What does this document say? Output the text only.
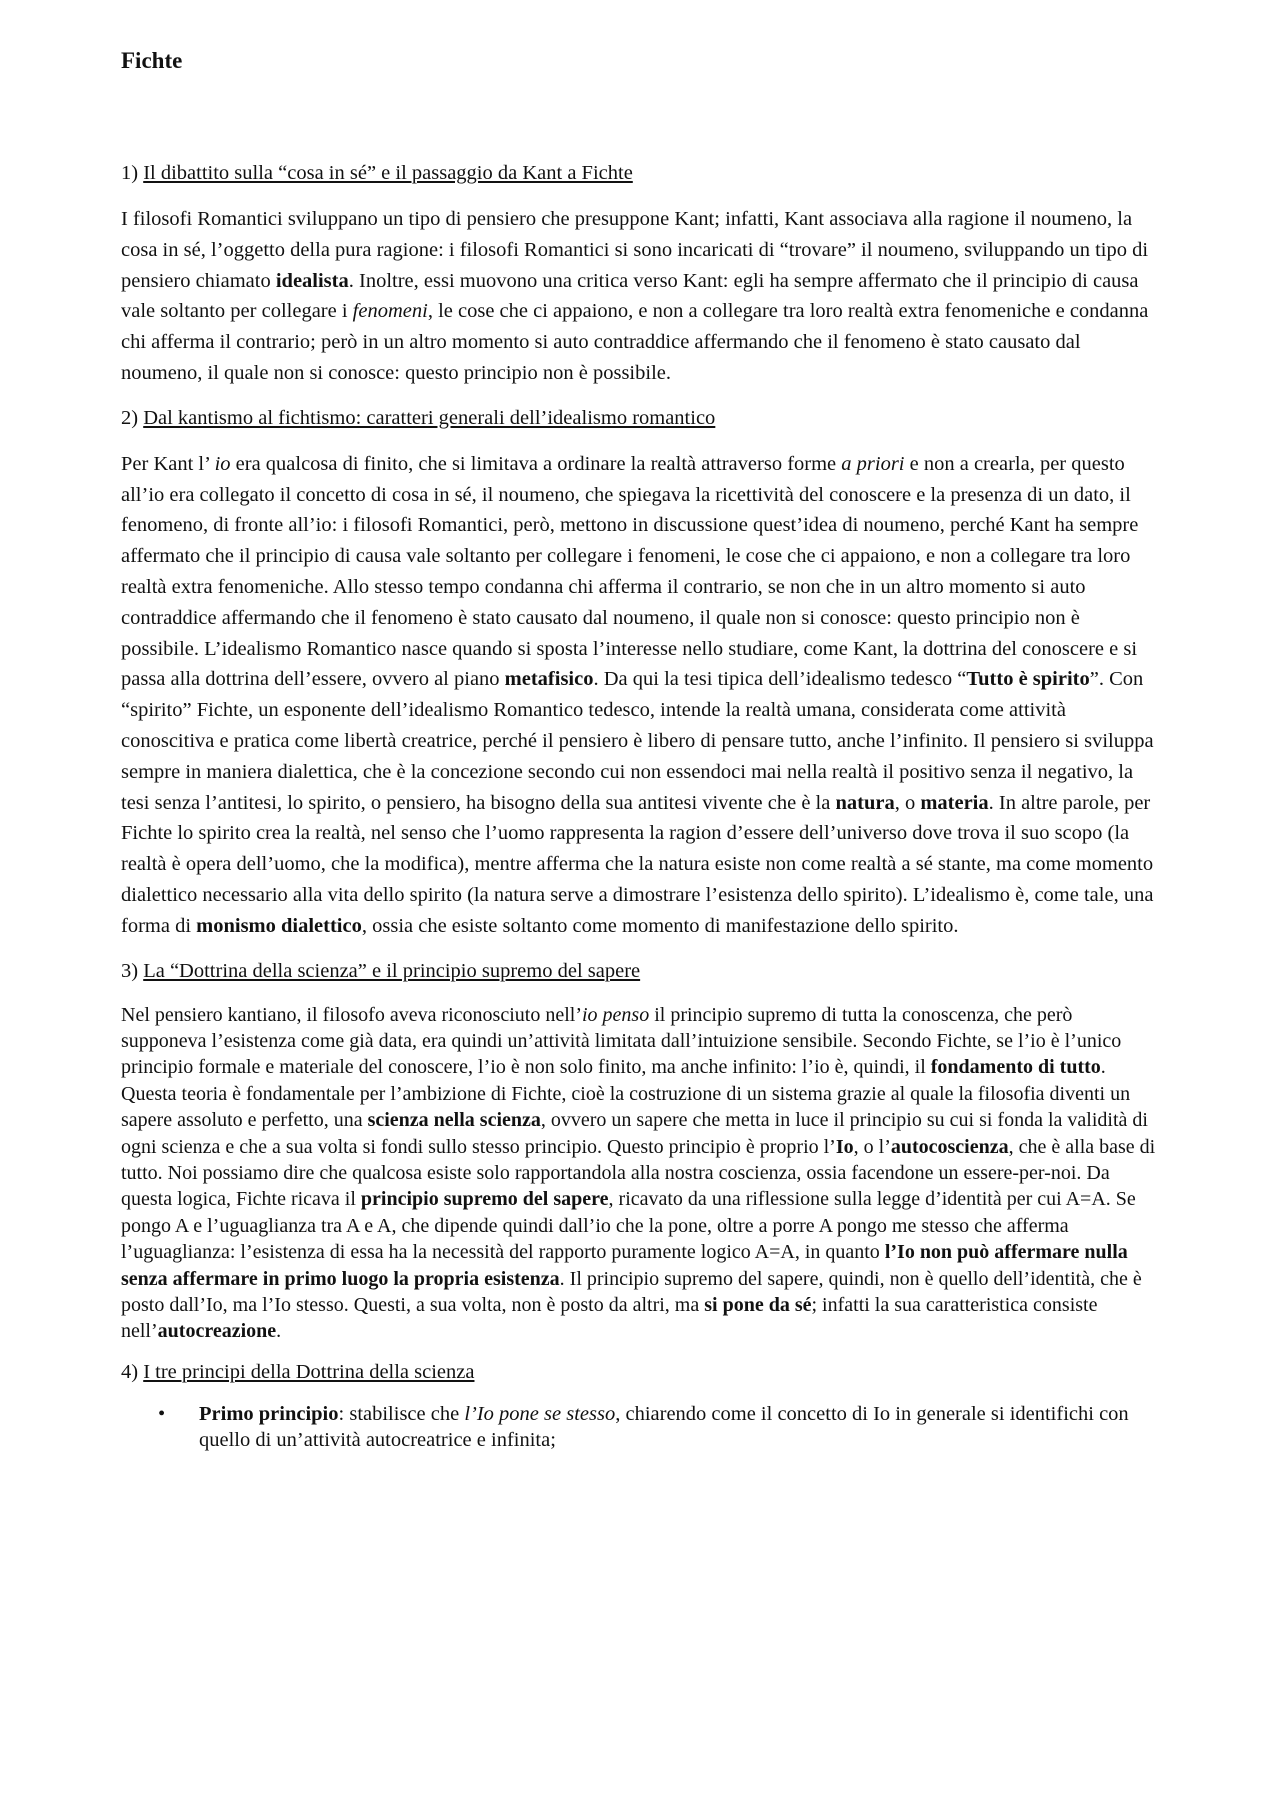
Fichte
1) Il dibattito sulla “cosa in sé” e il passaggio da Kant a Fichte

I filosofi Romantici sviluppano un tipo di pensiero che presuppone Kant; infatti, Kant associava alla ragione il noumeno, la cosa in sé, l’oggetto della pura ragione: i filosofi Romantici si sono incaricati di “trovare” il noumeno, sviluppando un tipo di pensiero chiamato idealista. Inoltre, essi muovono una critica verso Kant: egli ha sempre affermato che il principio di causa vale soltanto per collegare i fenomeni, le cose che ci appaiono, e non a collegare tra loro realtà extra fenomeniche e condanna chi afferma il contrario; però in un altro momento si auto contraddice affermando che il fenomeno è stato causato dal noumeno, il quale non si conosce: questo principio non è possibile.

2) Dal kantismo al fichtismo: caratteri generali dell’idealismo romantico

Per Kant l’ io era qualcosa di finito, che si limitava a ordinare la realtà attraverso forme a priori e non a crearla, per questo all’io era collegato il concetto di cosa in sé, il noumeno, che spiegava la ricettività del conoscere e la presenza di un dato, il fenomeno, di fronte all’io: i filosofi Romantici, però, mettono in discussione quest’idea di noumeno, perché Kant ha sempre affermato che il principio di causa vale soltanto per collegare i fenomeni, le cose che ci appaiono, e non a collegare tra loro realtà extra fenomeniche. Allo stesso tempo condanna chi afferma il contrario, se non che in un altro momento si auto contraddice affermando che il fenomeno è stato causato dal noumeno, il quale non si conosce: questo principio non è possibile. L’idealismo Romantico nasce quando si sposta l’interesse nello studiare, come Kant, la dottrina del conoscere e si passa alla dottrina dell’essere, ovvero al piano metafisico. Da qui la tesi tipica dell’idealismo tedesco “Tutto è spirito”. Con “spirito” Fichte, un esponente dell’idealismo Romantico tedesco, intende la realtà umana, considerata come attività conoscitiva e pratica come libertà creatrice, perché il pensiero è libero di pensare tutto, anche l’infinito. Il pensiero si sviluppa sempre in maniera dialettica, che è la concezione secondo cui non essendoci mai nella realtà il positivo senza il negativo, la tesi senza l’antitesi, lo spirito, o pensiero, ha bisogno della sua antitesi vivente che è la natura, o materia. In altre parole, per Fichte lo spirito crea la realtà, nel senso che l’uomo rappresenta la ragion d’essere dell’universo dove trova il suo scopo (la realtà è opera dell’uomo, che la modifica), mentre afferma che la natura esiste non come realtà a sé stante, ma come momento dialettico necessario alla vita dello spirito (la natura serve a dimostrare l’esistenza dello spirito). L’idealismo è, come tale, una forma di monismo dialettico, ossia che esiste soltanto come momento di manifestazione dello spirito.

3) La “Dottrina della scienza” e il principio supremo del sapere

Nel pensiero kantiano, il filosofo aveva riconosciuto nell’io penso il principio supremo di tutta la conoscenza, che però supponeva l’esistenza come già data, era quindi un’attività limitata dall’intuizione sensibile. Secondo Fichte, se l’io è l’unico principio formale e materiale del conoscere, l’io è non solo finito, ma anche infinito: l’io è, quindi, il fondamento di tutto. Questa teoria è fondamentale per l’ambizione di Fichte, cioè la costruzione di un sistema grazie al quale la filosofia diventi un sapere assoluto e perfetto, una scienza nella scienza, ovvero un sapere che metta in luce il principio su cui si fonda la validità di ogni scienza e che a sua volta si fondi sullo stesso principio. Questo principio è proprio l’Io, o l’autocoscienza, che è alla base di tutto. Noi possiamo dire che qualcosa esiste solo rapportandola alla nostra coscienza, ossia facendone un essere-per-noi. Da questa logica, Fichte ricava il principio supremo del sapere, ricavato da una riflessione sulla legge d’identità per cui A=A. Se pongo A e l’uguaglianza tra A e A, che dipende quindi dall’io che la pone, oltre a porre A pongo me stesso che afferma l’uguaglianza: l’esistenza di essa ha la necessità del rapporto puramente logico A=A, in quanto l’Io non può affermare nulla senza affermare in primo luogo la propria esistenza. Il principio supremo del sapere, quindi, non è quello dell’identità, che è posto dall’Io, ma l’Io stesso. Questi, a sua volta, non è posto da altri, ma si pone da sé; infatti la sua caratteristica consiste nell’autocreazione.

4) I tre principi della Dottrina della scienza
• Primo principio: stabilisce che l’Io pone se stesso, chiarendo come il concetto di Io in generale si identifichi con quello di un’attività autocreatrice e infinita;
